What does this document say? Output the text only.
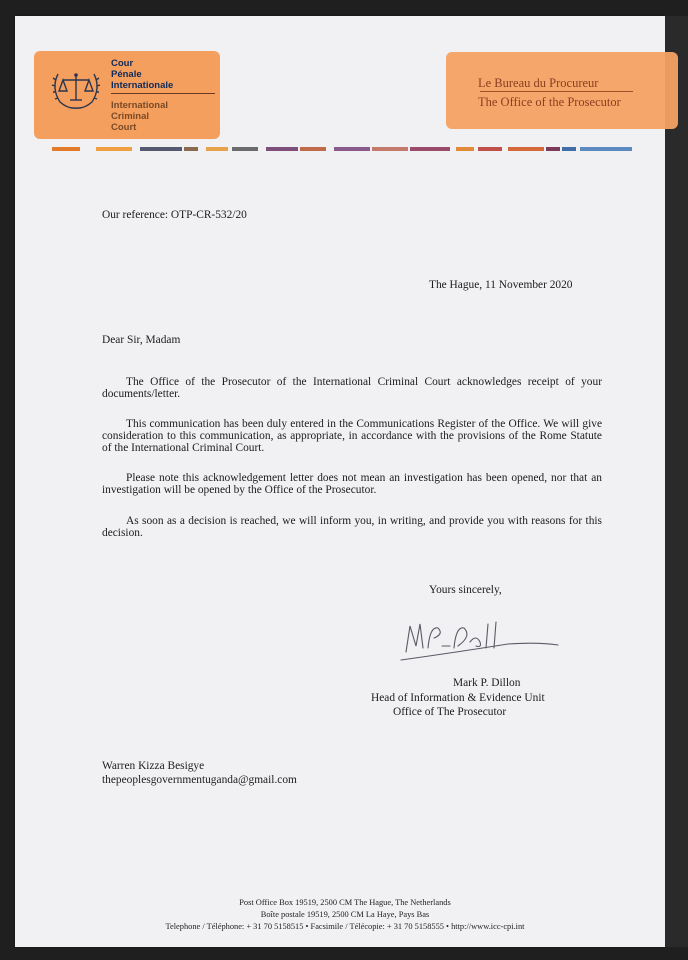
Cour
Pénale
Internationale
International
Criminal
Court
Le Bureau du Procureur
The Office of the Prosecutor
Our reference: OTP-CR-532/20
The Hague, 11 November 2020
Dear Sir, Madam
The Office of the Prosecutor of the International Criminal Court acknowledges receipt of your documents/letter.
This communication has been duly entered in the Communications Register of the Office. We will give consideration to this communication, as appropriate, in accordance with the provisions of the Rome Statute of the International Criminal Court.
Please note this acknowledgement letter does not mean an investigation has been opened, nor that an investigation will be opened by the Office of the Prosecutor.
As soon as a decision is reached, we will inform you, in writing, and provide you with reasons for this decision.
Yours sincerely,
Mark P. Dillon
Head of Information & Evidence Unit
Office of The Prosecutor
Warren Kizza Besigye
thepeoplesgovernmentuganda@gmail.com
Post Office Box 19519, 2500 CM The Hague, The Netherlands
Boîte postale 19519, 2500 CM La Haye, Pays Bas
Telephone / Téléphone: + 31 70 5158515 • Facsimile / Télécopie: + 31 70 5158555 • http://www.icc-cpi.int
